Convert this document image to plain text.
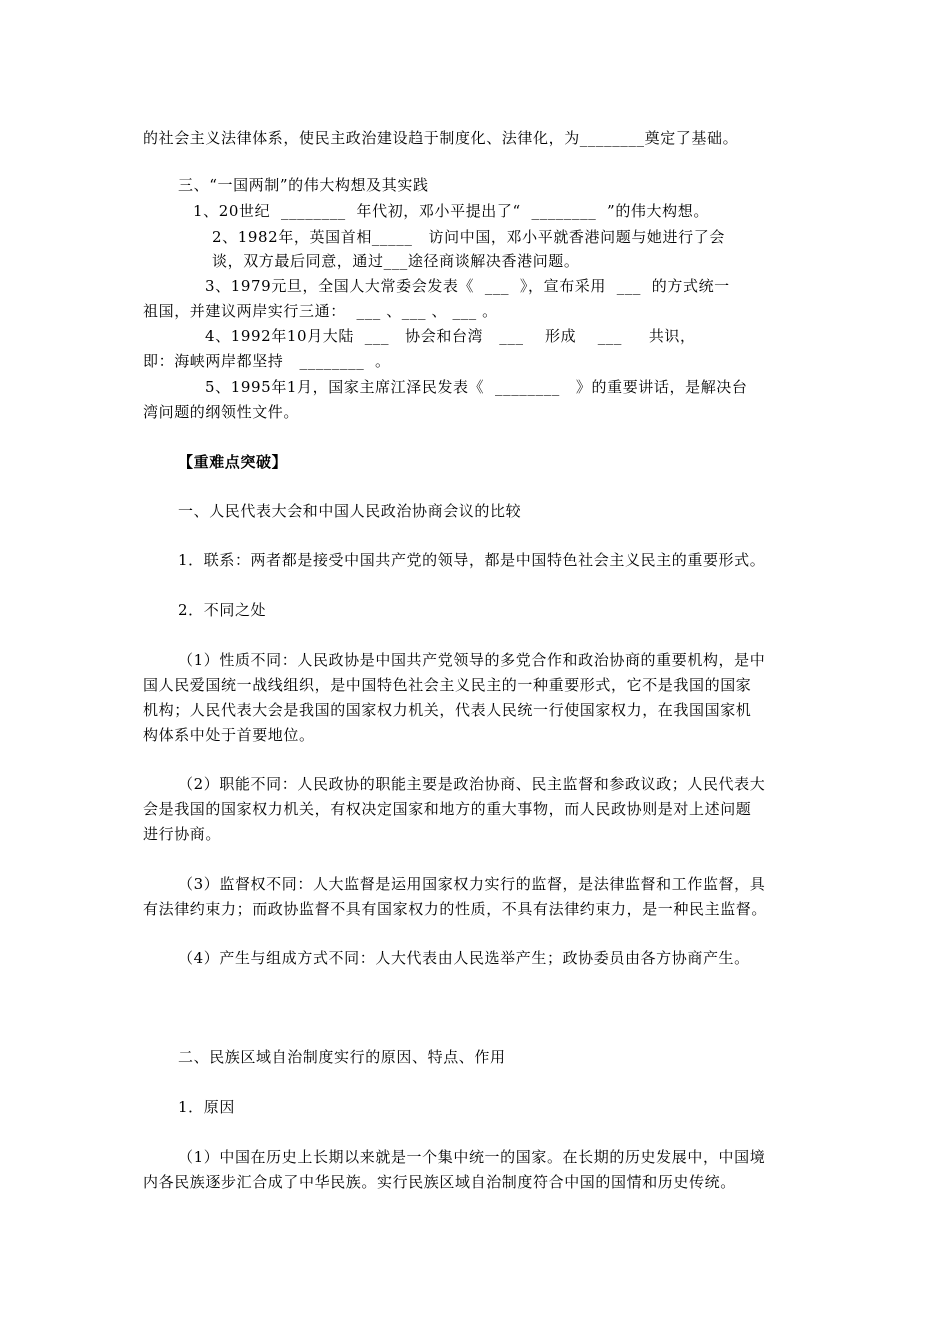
的社会主义法律体系，使民主政治建设趋于制度化、法律化，为________奠定了基础。
三、“一国两制”的伟大构想及其实践
1、20世纪  ________  年代初，邓小平提出了“  ________  ”的伟大构想。
2、1982年，英国首相_____   访问中国，邓小平就香港问题与她进行了会
谈，双方最后同意，通过___途径商谈解决香港问题。
3、1979元旦，全国人大常委会发表《  ___  》，宣布采用  ___  的方式统一
祖国，并建议两岸实行三通：  ___ 、___ 、 ___ 。
4、1992年10月大陆  ___   协会和台湾   ___    形成    ___     共识，
即：海峡两岸都坚持   ________  。
5、1995年1月，国家主席江泽民发表《  ________   》的重要讲话，是解决台
湾问题的纲领性文件。
【重难点突破】
一、人民代表大会和中国人民政治协商会议的比较
1．联系：两者都是接受中国共产党的领导，都是中国特色社会主义民主的重要形式。
2．不同之处
（1）性质不同：人民政协是中国共产党领导的多党合作和政治协商的重要机构，是中
国人民爱国统一战线组织，是中国特色社会主义民主的一种重要形式，它不是我国的国家
机构；人民代表大会是我国的国家权力机关，代表人民统一行使国家权力，在我国国家机
构体系中处于首要地位。
（2）职能不同：人民政协的职能主要是政治协商、民主监督和参政议政；人民代表大
会是我国的国家权力机关，有权决定国家和地方的重大事物，而人民政协则是对上述问题
进行协商。
（3）监督权不同：人大监督是运用国家权力实行的监督，是法律监督和工作监督，具
有法律约束力；而政协监督不具有国家权力的性质，不具有法律约束力，是一种民主监督。
（4）产生与组成方式不同：人大代表由人民选举产生；政协委员由各方协商产生。
二、民族区域自治制度实行的原因、特点、作用
1．原因
（1）中国在历史上长期以来就是一个集中统一的国家。在长期的历史发展中，中国境
内各民族逐步汇合成了中华民族。实行民族区域自治制度符合中国的国情和历史传统。
